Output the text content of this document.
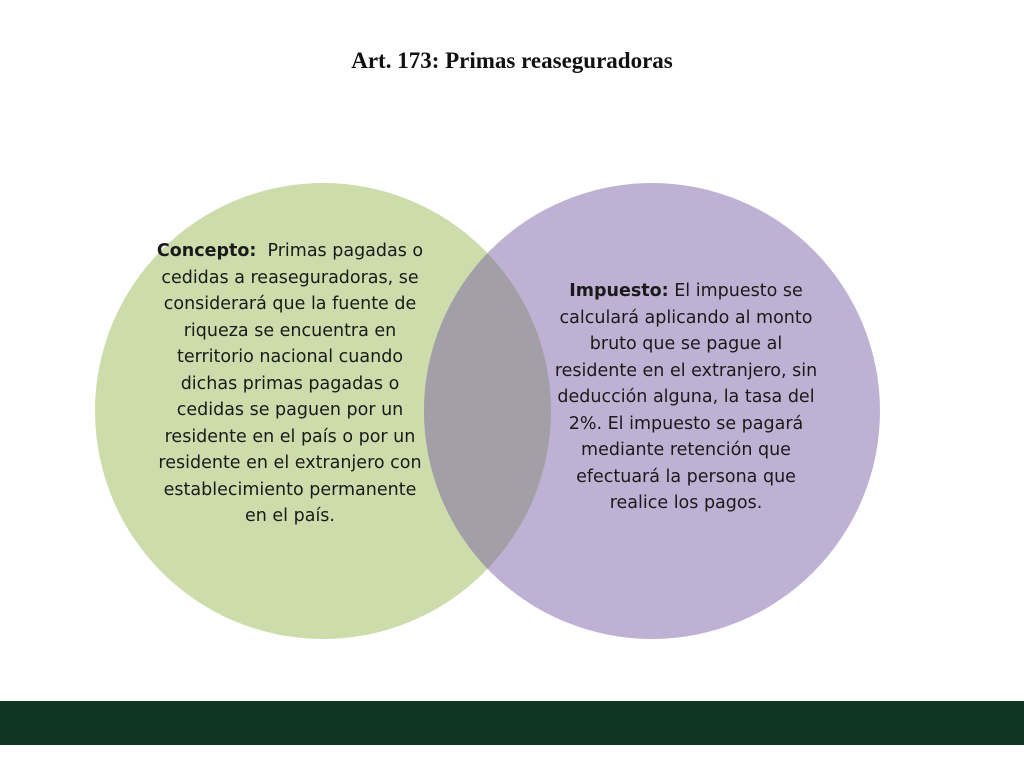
Art. 173: Primas reaseguradoras
Concepto:  Primas pagadas o cedidas a reaseguradoras, se considerará que la fuente de riqueza se encuentra en territorio nacional cuando dichas primas pagadas o cedidas se paguen por un residente en el país o por un residente en el extranjero con establecimiento permanente en el país.
Impuesto: El impuesto se calculará aplicando al monto bruto que se pague al residente en el extranjero, sin deducción alguna, la tasa del 2%. El impuesto se pagará mediante retención que efectuará la persona que realice los pagos.
